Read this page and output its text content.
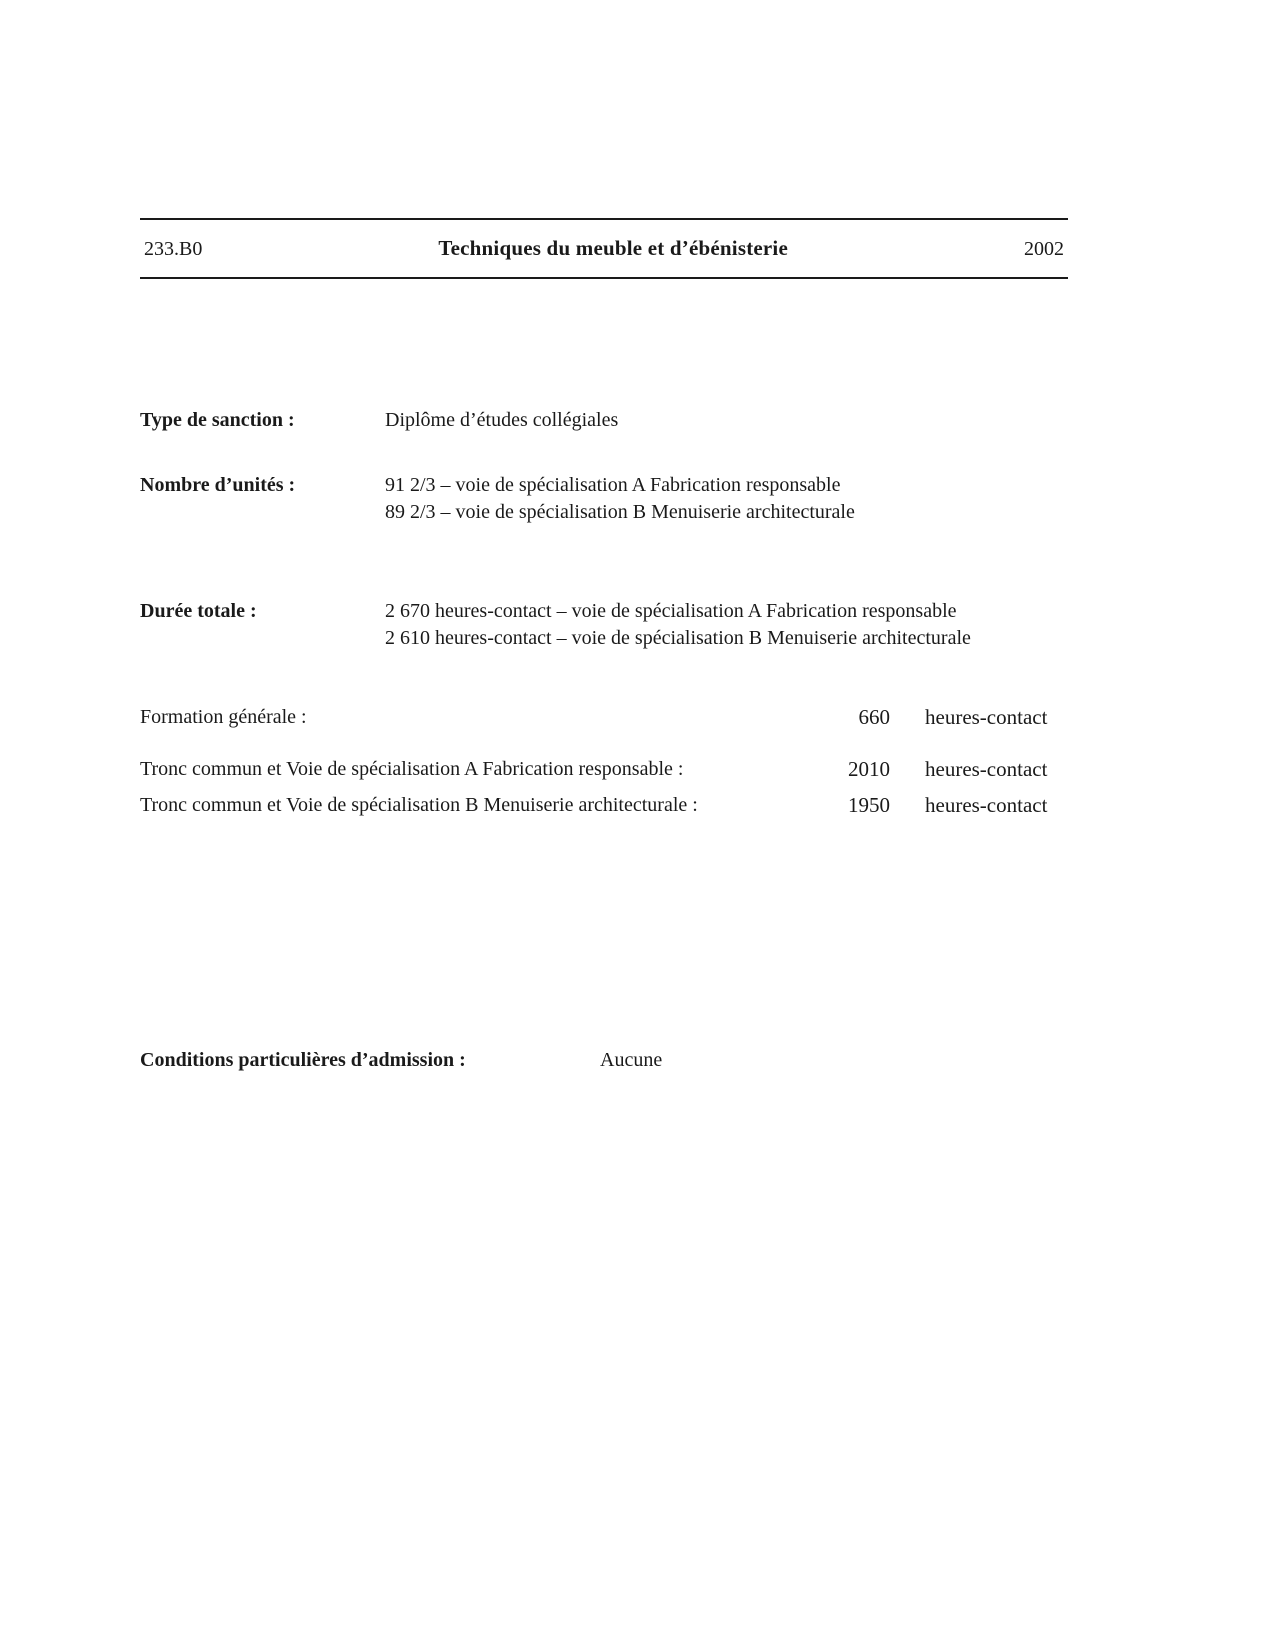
233.B0	Techniques du meuble et d’ébénisterie	2002
Type de sanction :	Diplôme d’études collégiales
Nombre d’unités :	91 2/3 – voie de spécialisation A Fabrication responsable
89 2/3 – voie de spécialisation B Menuiserie architecturale
Durée totale :	2 670 heures-contact – voie de spécialisation A Fabrication responsable
2 610 heures-contact – voie de spécialisation B Menuiserie architecturale
Formation générale :	660	heures-contact
Tronc commun et Voie de spécialisation A Fabrication responsable :	2010	heures-contact
Tronc commun et Voie de spécialisation B Menuiserie architecturale :	1950	heures-contact
Conditions particulières d’admission :	Aucune
